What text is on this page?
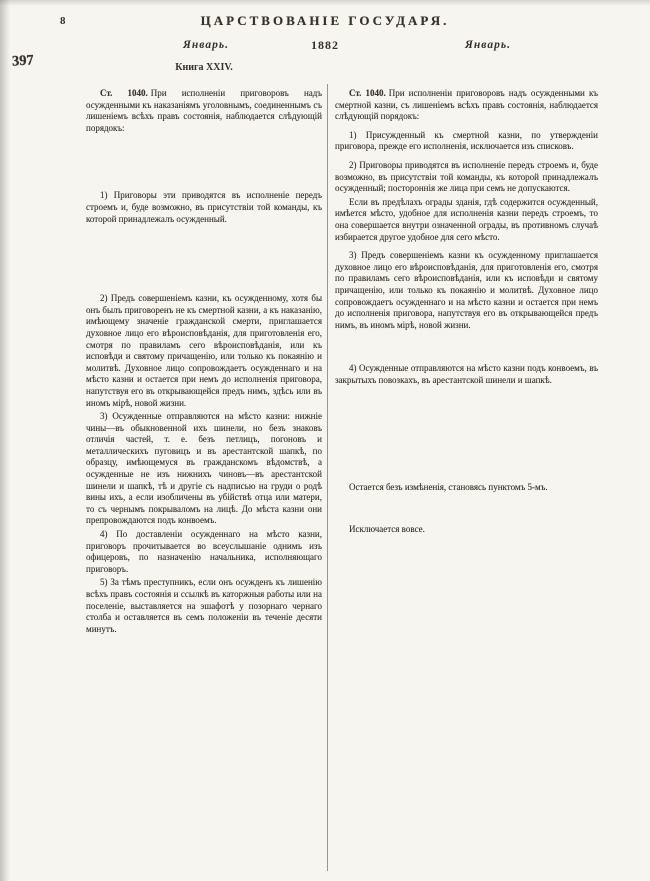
8	ЦАРСТВОВАНІЕ ГОСУДАРЯ.
Январь.	1882	Январь.
397	Книга XXIV.

Ст. 1040. При исполненіи приговоровъ надъ осужденными къ наказаніямъ уголовнымъ, соединеннымъ съ лишеніемъ всѣхъ правъ состоянія, наблюдается слѣдующій порядокъ:

1) Приговоры эти приводятся въ исполненіе передъ строемъ и, буде возможно, въ присутствіи той команды, къ которой принадлежалъ осужденный.

2) Предъ совершеніемъ казни, къ осужденному, хотя бы онъ былъ приговоренъ не къ смертной казни, а къ наказанію, имѣющему значеніе гражданской смерти, приглашается духовное лицо его вѣроисповѣданія, для приготовленія его, смотря по правиламъ сего вѣроисповѣданія, или къ исповѣди и святому причащенію, или только къ покаянію и молитвѣ. Духовное лицо сопровождаетъ осужденнаго и на мѣсто казни и остается при немъ до исполненія приговора, напутствуя его въ открывающейся предъ нимъ, здѣсь или въ иномъ мірѣ, новой жизни.

3) Осужденные отправляются на мѣсто казни: нижніе чины—въ обыкновенной ихъ шинели, но безъ знаковъ отличія частей, т. е. безъ петлицъ, погоновъ и металлическихъ пуговицъ и въ арестантской шапкѣ, по образцу, имѣющемуся въ гражданскомъ вѣдомствѣ, а осужденные не изъ нижнихъ чиновъ—въ арестантской шинели и шапкѣ, тѣ и другіе съ надписью на груди о родѣ вины ихъ, а если изобличены въ убійствѣ отца или матери, то съ чернымъ покрываломъ на лицѣ. До мѣста казни они препровождаются подъ конвоемъ.

4) По доставленіи осужденнаго на мѣсто казни, приговоръ прочитывается во всеуслышаніе однимъ изъ офицеровъ, по назначенію начальника, исполняющаго приговоръ.

5) За тѣмъ преступникъ, если онъ осужденъ къ лишенію всѣхъ правъ состоянія и ссылкѣ въ каторжныя работы или на поселеніе, выставляется на эшафотѣ у позорнаго чернаго столба и оставляется въ семъ положеніи въ теченіе десяти минутъ.

Ст. 1040. При исполненіи приговоровъ надъ осужденными къ смертной казни, съ лишеніемъ всѣхъ правъ состоянія, наблюдается слѣдующій порядокъ:

1) Присужденный къ смертной казни, по утвержденіи приговора, прежде его исполненія, исключается изъ списковъ.

2) Приговоры приводятся въ исполненіе передъ строемъ и, буде возможно, въ присутствіи той команды, къ которой принадлежалъ осужденный; постороннія же лица при семъ не допускаются.

Если въ предѣлахъ ограды зданія, гдѣ содержится осужденный, имѣется мѣсто, удобное для исполненія казни передъ строемъ, то она совершается внутри означенной ограды, въ противномъ случаѣ избирается другое удобное для сего мѣсто.

3) Предъ совершеніемъ казни къ осужденному приглашается духовное лицо его вѣроисповѣданія, для приготовленія его, смотря по правиламъ сего вѣроисповѣданія, или къ исповѣди и святому причащенію, или только къ покаянію и молитвѣ. Духовное лицо сопровождаетъ осужденнаго и на мѣсто казни и остается при немъ до исполненія приговора, напутствуя его въ открывающейся предъ нимъ, въ иномъ мірѣ, новой жизни.

4) Осужденные отправляются на мѣсто казни подъ конвоемъ, въ закрытыхъ повозкахъ, въ арестантской шинели и шапкѣ.

Остается безъ измѣненія, становясь пунктомъ 5-мъ.

Исключается вовсе.
